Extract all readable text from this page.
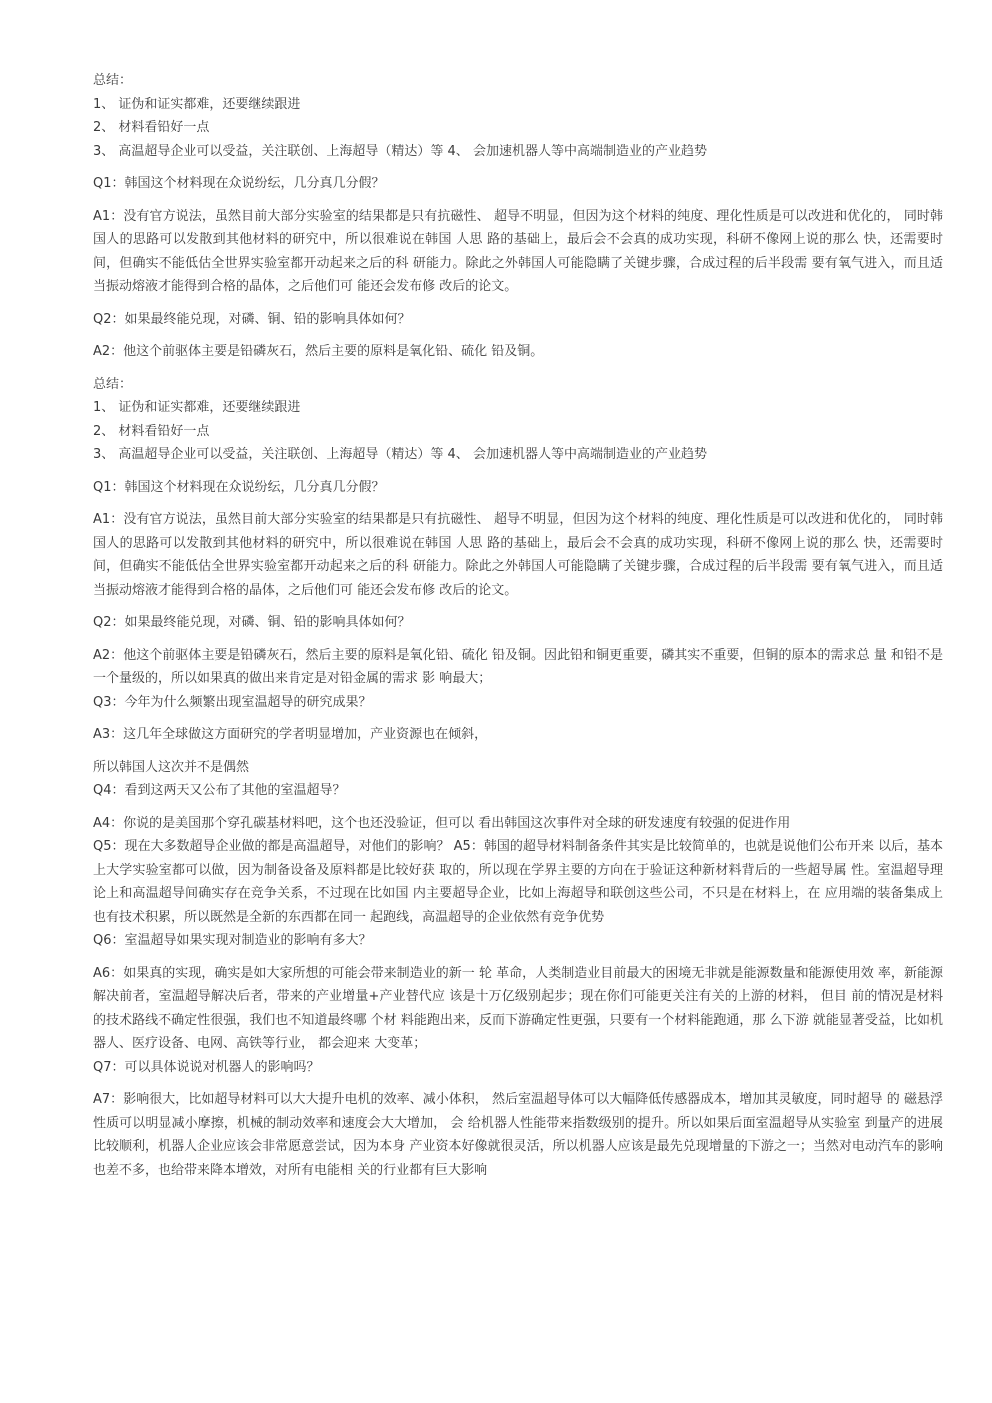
总结：

1、 证伪和证实都难，还要继续跟进

2、 材料看铅好一点

3、 高温超导企业可以受益，关注联创、上海超导（精达）等 4、 会加速机器人等中高端制造业的产业趋势

Q1：韩国这个材料现在众说纷纭，几分真几分假？

A1：没有官方说法，虽然目前大部分实验室的结果都是只有抗磁性、 超导不明显，但因为这个材料的纯度、理化性质是可以改进和优化的， 同时韩国人的思路可以发散到其他材料的研究中，所以很难说在韩国 人思 路的基础上，最后会不会真的成功实现，科研不像网上说的那么 快，还需要时间，但确实不能低估全世界实验室都开动起来之后的科 研能力。除此之外韩国人可能隐瞒了关键步骤，合成过程的后半段需 要有氧气进入，而且适当振动熔液才能得到合格的晶体，之后他们可 能还会发布修 改后的论文。

Q2：如果最终能兑现，对磷、铜、铅的影响具体如何？

A2：他这个前驱体主要是铅磷灰石，然后主要的原料是氧化铅、硫化 铅及铜。

总结：

1、 证伪和证实都难，还要继续跟进

2、 材料看铅好一点

3、 高温超导企业可以受益，关注联创、上海超导（精达）等 4、 会加速机器人等中高端制造业的产业趋势

Q1：韩国这个材料现在众说纷纭，几分真几分假？

A1：没有官方说法，虽然目前大部分实验室的结果都是只有抗磁性、 超导不明显，但因为这个材料的纯度、理化性质是可以改进和优化的， 同时韩国人的思路可以发散到其他材料的研究中，所以很难说在韩国 人思 路的基础上，最后会不会真的成功实现，科研不像网上说的那么 快，还需要时间，但确实不能低估全世界实验室都开动起来之后的科 研能力。除此之外韩国人可能隐瞒了关键步骤，合成过程的后半段需 要有氧气进入，而且适当振动熔液才能得到合格的晶体，之后他们可 能还会发布修 改后的论文。

Q2：如果最终能兑现，对磷、铜、铅的影响具体如何？

A2：他这个前驱体主要是铅磷灰石，然后主要的原料是氧化铅、硫化 铅及铜。因此铅和铜更重要，磷其实不重要，但铜的原本的需求总 量 和铅不是一个量级的，所以如果真的做出来肯定是对铅金属的需求 影 响最大；

Q3：今年为什么频繁出现室温超导的研究成果？

A3：这几年全球做这方面研究的学者明显增加，产业资源也在倾斜，

所以韩国人这次并不是偶然

Q4：看到这两天又公布了其他的室温超导？

A4：你说的是美国那个穿孔碳基材料吧，这个也还没验证，但可以 看出韩国这次事件对全球的研发速度有较强的促进作用

Q5：现在大多数超导企业做的都是高温超导，对他们的影响？ A5：韩国的超导材料制备条件其实是比较简单的，也就是说他们公布开来 以后，基本上大学实验室都可以做，因为制备设备及原料都是比较好获 取的，所以现在学界主要的方向在于验证这种新材料背后的一些超导属 性。室温超导理论上和高温超导间确实存在竞争关系，不过现在比如国 内主要超导企业，比如上海超导和联创这些公司，不只是在材料上，在 应用端的装备集成上也有技术积累，所以既然是全新的东西都在同一 起跑线，高温超导的企业依然有竞争优势

Q6：室温超导如果实现对制造业的影响有多大？

A6：如果真的实现，确实是如大家所想的可能会带来制造业的新一 轮 革命，人类制造业目前最大的困境无非就是能源数量和能源使用效 率，新能源解决前者，室温超导解决后者，带来的产业增量+产业替代应 该是十万亿级别起步；现在你们可能更关注有关的上游的材料， 但目 前的情况是材料的技术路线不确定性很强，我们也不知道最终哪 个材 料能跑出来，反而下游确定性更强，只要有一个材料能跑通，那 么下游 就能显著受益，比如机器人、医疗设备、电网、高铁等行业， 都会迎来 大变革；

Q7：可以具体说说对机器人的影响吗？

A7：影响很大，比如超导材料可以大大提升电机的效率、减小体积， 然后室温超导体可以大幅降低传感器成本，增加其灵敏度，同时超导 的 磁悬浮性质可以明显减小摩擦，机械的制动效率和速度会大大增加， 会 给机器人性能带来指数级别的提升。所以如果后面室温超导从实验室 到量产的进展比较顺利，机器人企业应该会非常愿意尝试，因为本身 产业资本好像就很灵活，所以机器人应该是最先兑现增量的下游之一；当然对电动汽车的影响也差不多，也给带来降本增效，对所有电能相 关的行业都有巨大影响
